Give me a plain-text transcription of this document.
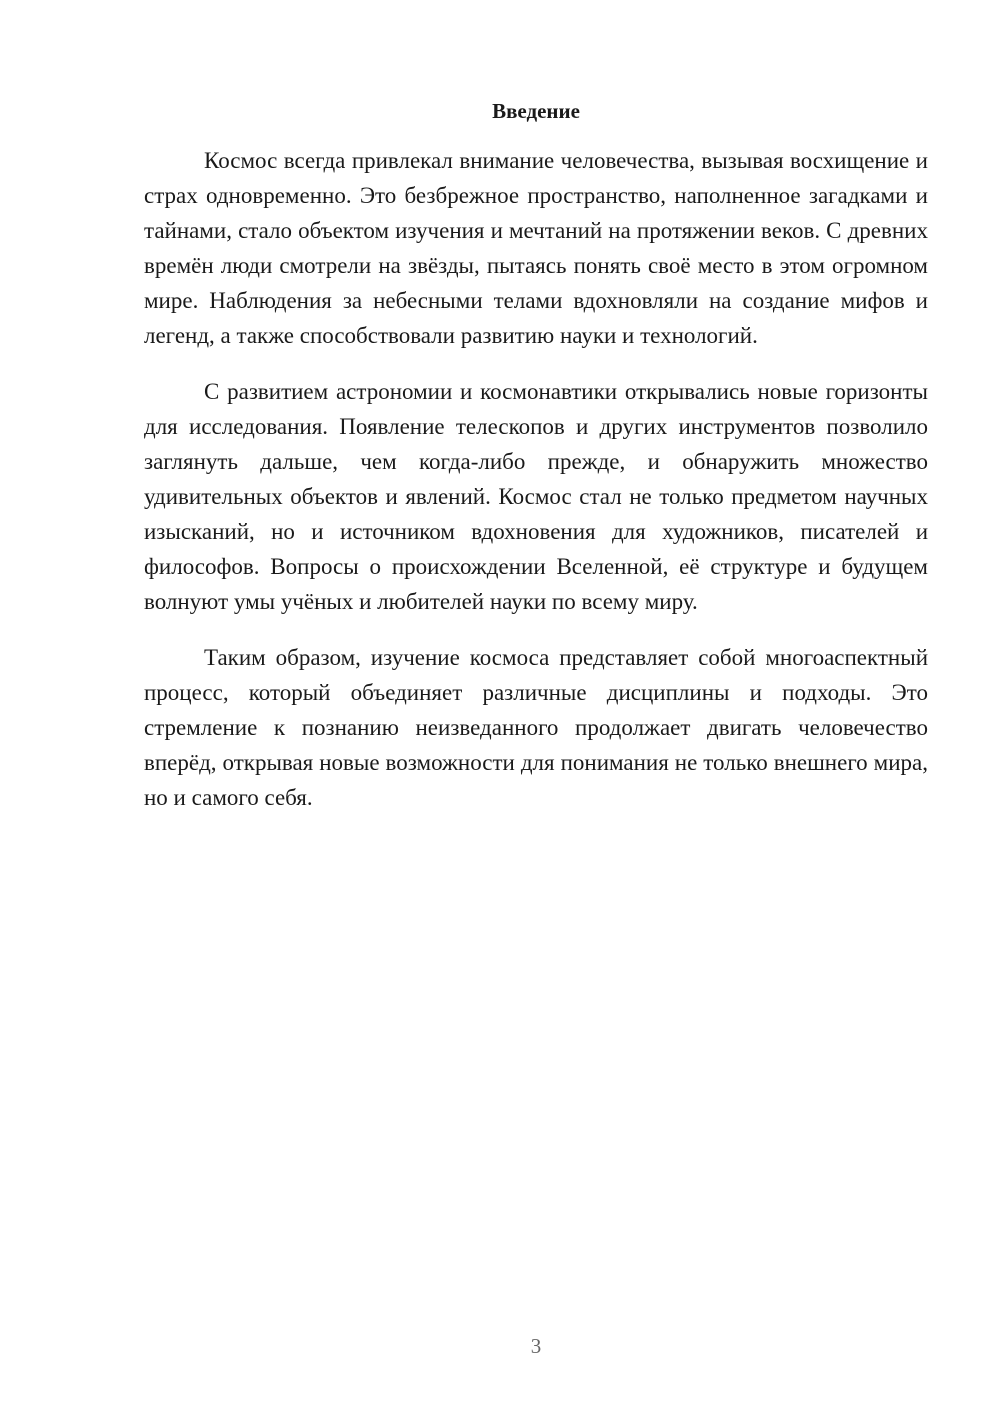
Введение

Космос всегда привлекал внимание человечества, вызывая восхищение и страх одновременно. Это безбрежное пространство, наполненное загадками и тайнами, стало объектом изучения и мечтаний на протяжении веков. С древних времён люди смотрели на звёзды, пытаясь понять своё место в этом огромном мире. Наблюдения за небесными телами вдохновляли на создание мифов и легенд, а также способствовали развитию науки и технологий.

С развитием астрономии и космонавтики открывались новые горизонты для исследования. Появление телескопов и других инструментов позволило заглянуть дальше, чем когда-либо прежде, и обнаружить множество удивительных объектов и явлений. Космос стал не только предметом научных изысканий, но и источником вдохновения для художников, писателей и философов. Вопросы о происхождении Вселенной, её структуре и будущем волнуют умы учёных и любителей науки по всему миру.

Таким образом, изучение космоса представляет собой многоаспектный процесс, который объединяет различные дисциплины и подходы. Это стремление к познанию неизведанного продолжает двигать человечество вперёд, открывая новые возможности для понимания не только внешнего мира, но и самого себя.

3
